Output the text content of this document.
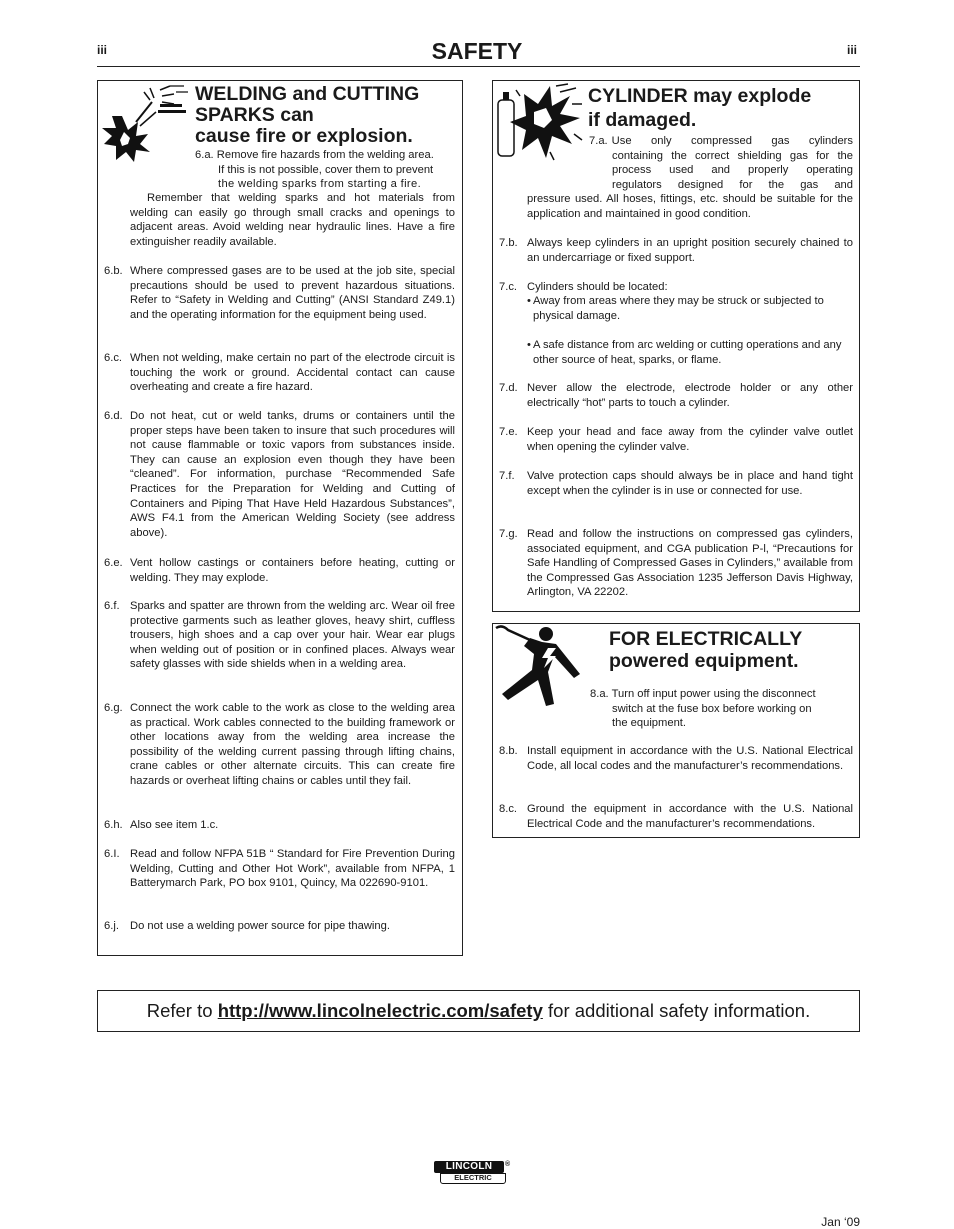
iii	iii
SAFETY
WELDING and CUTTING
SPARKS can
cause fire or explosion.
6.a. Remove fire hazards from the welding area.
If this is not possible, cover them to prevent
the welding sparks from starting a fire.
Remember that welding sparks and hot materials from welding can easily go through small cracks and openings to adjacent areas. Avoid welding near hydraulic lines. Have a fire extinguisher readily available.
6.b. Where compressed gases are to be used at the job site, special precautions should be used to prevent hazardous situations. Refer to “Safety in Welding and Cutting” (ANSI Standard Z49.1) and the operating information for the equipment being used.
6.c. When not welding, make certain no part of the electrode circuit is touching the work or ground. Accidental contact can cause overheating and create a fire hazard.
6.d. Do not heat, cut or weld tanks, drums or containers until the proper steps have been taken to insure that such procedures will not cause flammable or toxic vapors from substances inside. They can cause an explosion even though they have been “cleaned”. For information, purchase “Recommended Safe Practices for the Preparation for Welding and Cutting of Containers and Piping That Have Held Hazardous Substances”, AWS F4.1 from the American Welding Society (see address above).
6.e. Vent hollow castings or containers before heating, cutting or welding. They may explode.
6.f. Sparks and spatter are thrown from the welding arc. Wear oil free protective garments such as leather gloves, heavy shirt, cuffless trousers, high shoes and a cap over your hair. Wear ear plugs when welding out of position or in confined places. Always wear safety glasses with side shields when in a welding area.
6.g. Connect the work cable to the work as close to the welding area as practical. Work cables connected to the building framework or other locations away from the welding area increase the possibility of the welding current passing through lifting chains, crane cables or other alternate circuits. This can create fire hazards or overheat lifting chains or cables until they fail.
6.h. Also see item 1.c.
6.I. Read and follow NFPA 51B “ Standard for Fire Prevention During Welding, Cutting and Other Hot Work”, available from NFPA, 1 Batterymarch Park, PO box 9101, Quincy, Ma 022690-9101.
6.j. Do not use a welding power source for pipe thawing.
CYLINDER may explode
if damaged.
7.a. Use only compressed gas cylinders
containing the correct shielding gas for the
process used and properly operating
regulators designed for the gas and
pressure used. All hoses, fittings, etc. should be suitable for the application and maintained in good condition.
7.b. Always keep cylinders in an upright position securely chained to an undercarriage or fixed support.
7.c. Cylinders should be located:
• Away from areas where they may be struck or subjected to physical damage.
• A safe distance from arc welding or cutting operations and any other source of heat, sparks, or flame.
7.d. Never allow the electrode, electrode holder or any other electrically “hot” parts to touch a cylinder.
7.e. Keep your head and face away from the cylinder valve outlet when opening the cylinder valve.
7.f. Valve protection caps should always be in place and hand tight except when the cylinder is in use or connected for use.
7.g. Read and follow the instructions on compressed gas cylinders, associated equipment, and CGA publication P-l, “Precautions for Safe Handling of Compressed Gases in Cylinders,” available from the Compressed Gas Association 1235 Jefferson Davis Highway, Arlington, VA 22202.
FOR ELECTRICALLY
powered equipment.
8.a. Turn off input power using the disconnect
switch at the fuse box before working on
the equipment.
8.b. Install equipment in accordance with the U.S. National Electrical Code, all local codes and the manufacturer’s recommendations.
8.c. Ground the equipment in accordance with the U.S. National Electrical Code and the manufacturer’s recommendations.
Refer to http://www.lincolnelectric.com/safety for additional safety information.
LINCOLN	®
ELECTRIC
Jan ‘09
